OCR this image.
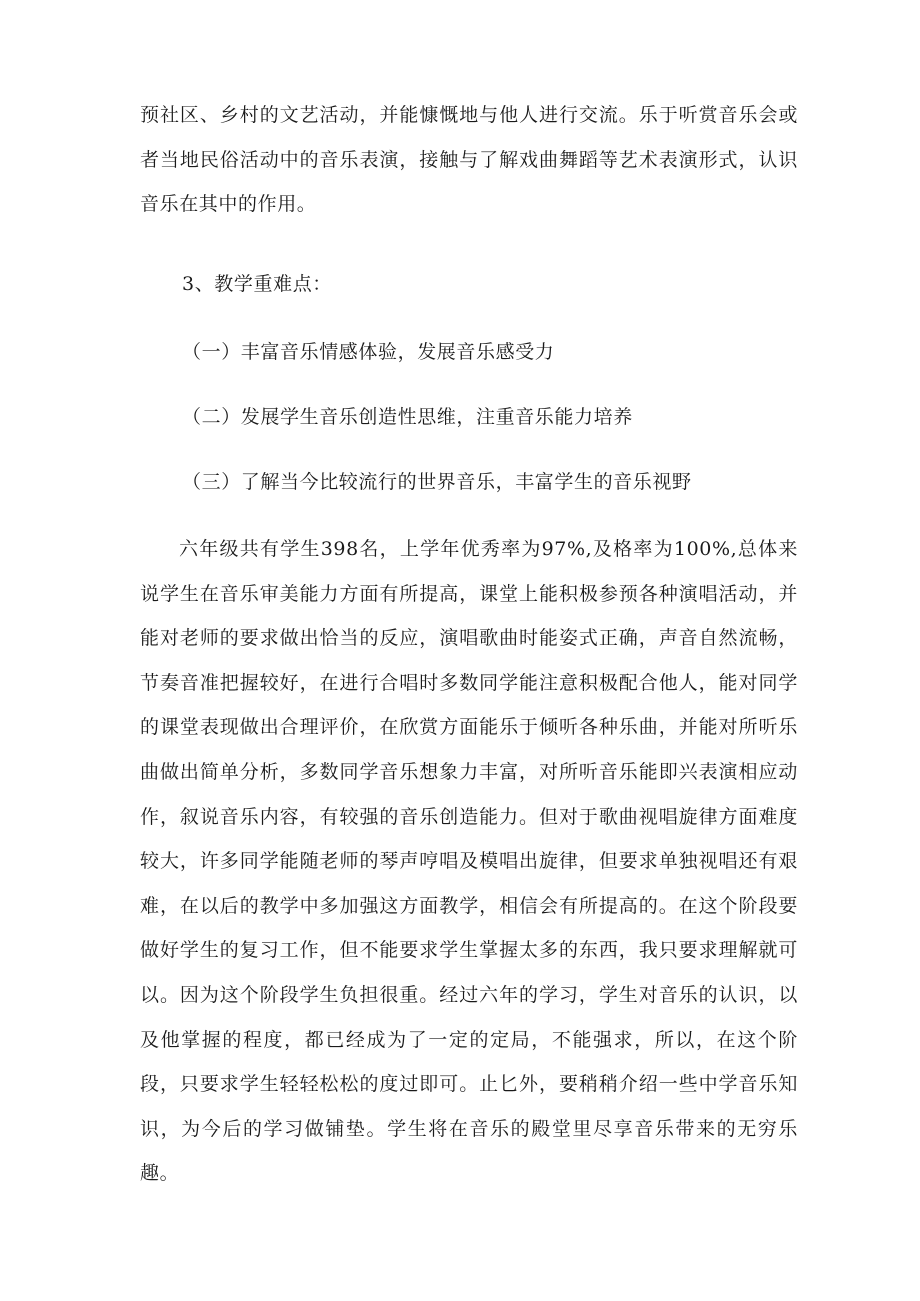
预社区、乡村的文艺活动，并能慷慨地与他人进行交流。乐于听赏音乐会或者当地民俗活动中的音乐表演，接触与了解戏曲舞蹈等艺术表演形式，认识音乐在其中的作用。

3、教学重难点：

（一）丰富音乐情感体验，发展音乐感受力

（二）发展学生音乐创造性思维，注重音乐能力培养

（三）了解当今比较流行的世界音乐，丰富学生的音乐视野

六年级共有学生398名，上学年优秀率为97%,及格率为100%,总体来说学生在音乐审美能力方面有所提高，课堂上能积极参预各种演唱活动，并能对老师的要求做出恰当的反应，演唱歌曲时能姿式正确，声音自然流畅，节奏音准把握较好，在进行合唱时多数同学能注意积极配合他人，能对同学的课堂表现做出合理评价，在欣赏方面能乐于倾听各种乐曲，并能对所听乐曲做出简单分析，多数同学音乐想象力丰富，对所听音乐能即兴表演相应动作，叙说音乐内容，有较强的音乐创造能力。但对于歌曲视唱旋律方面难度较大，许多同学能随老师的琴声哼唱及模唱出旋律，但要求单独视唱还有艰难，在以后的教学中多加强这方面教学，相信会有所提高的。在这个阶段要做好学生的复习工作，但不能要求学生掌握太多的东西，我只要求理解就可以。因为这个阶段学生负担很重。经过六年的学习，学生对音乐的认识，以及他掌握的程度，都已经成为了一定的定局，不能强求，所以，在这个阶段，只要求学生轻轻松松的度过即可。止匕外，要稍稍介绍一些中学音乐知识，为今后的学习做铺垫。学生将在音乐的殿堂里尽享音乐带来的无穷乐趣。
